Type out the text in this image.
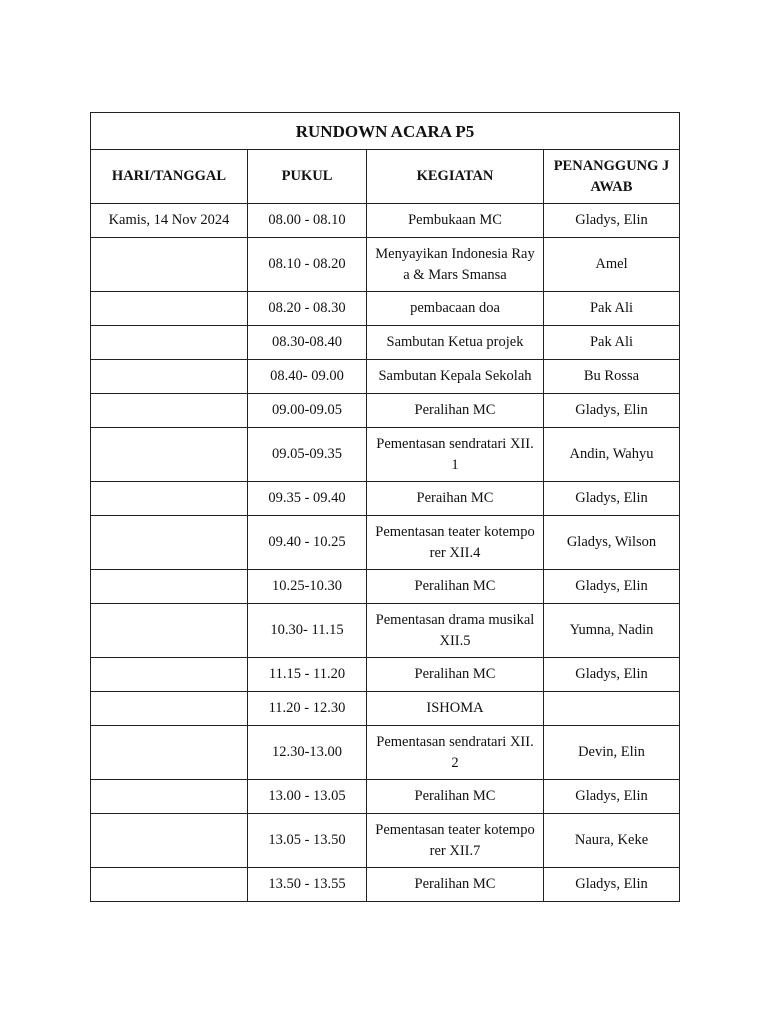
RUNDOWN ACARA P5			
HARI/TANGGAL	PUKUL	KEGIATAN	PENANGGUNG JAWAB

Kamis, 14 Nov 2024	08.00 - 08.10	Pembukaan MC	Gladys, Elin
	08.10 - 08.20	Menyayikan Indonesia Raya & Mars Smansa	Amel
	08.20 - 08.30	pembacaan doa	Pak Ali
	08.30-08.40	Sambutan Ketua projek	Pak Ali
	08.40- 09.00	Sambutan Kepala Sekolah	Bu Rossa
	09.00-09.05	Peralihan MC	Gladys, Elin
	09.05-09.35	Pementasan sendratari XII.1	Andin, Wahyu
	09.35 - 09.40	Peraihan MC	Gladys, Elin
	09.40 - 10.25	Pementasan teater kotemporer XII.4	Gladys, Wilson
	10.25-10.30	Peralihan MC	Gladys, Elin
	10.30- 11.15	Pementasan drama musikal XII.5	Yumna, Nadin
	11.15 - 11.20	Peralihan MC	Gladys, Elin
	11.20 - 12.30	ISHOMA	
	12.30-13.00	Pementasan sendratari XII.2	Devin, Elin
	13.00 - 13.05	Peralihan MC	Gladys, Elin
	13.05 - 13.50	Pementasan teater kotemporer XII.7	Naura, Keke
	13.50 - 13.55	Peralihan MC	Gladys, Elin
